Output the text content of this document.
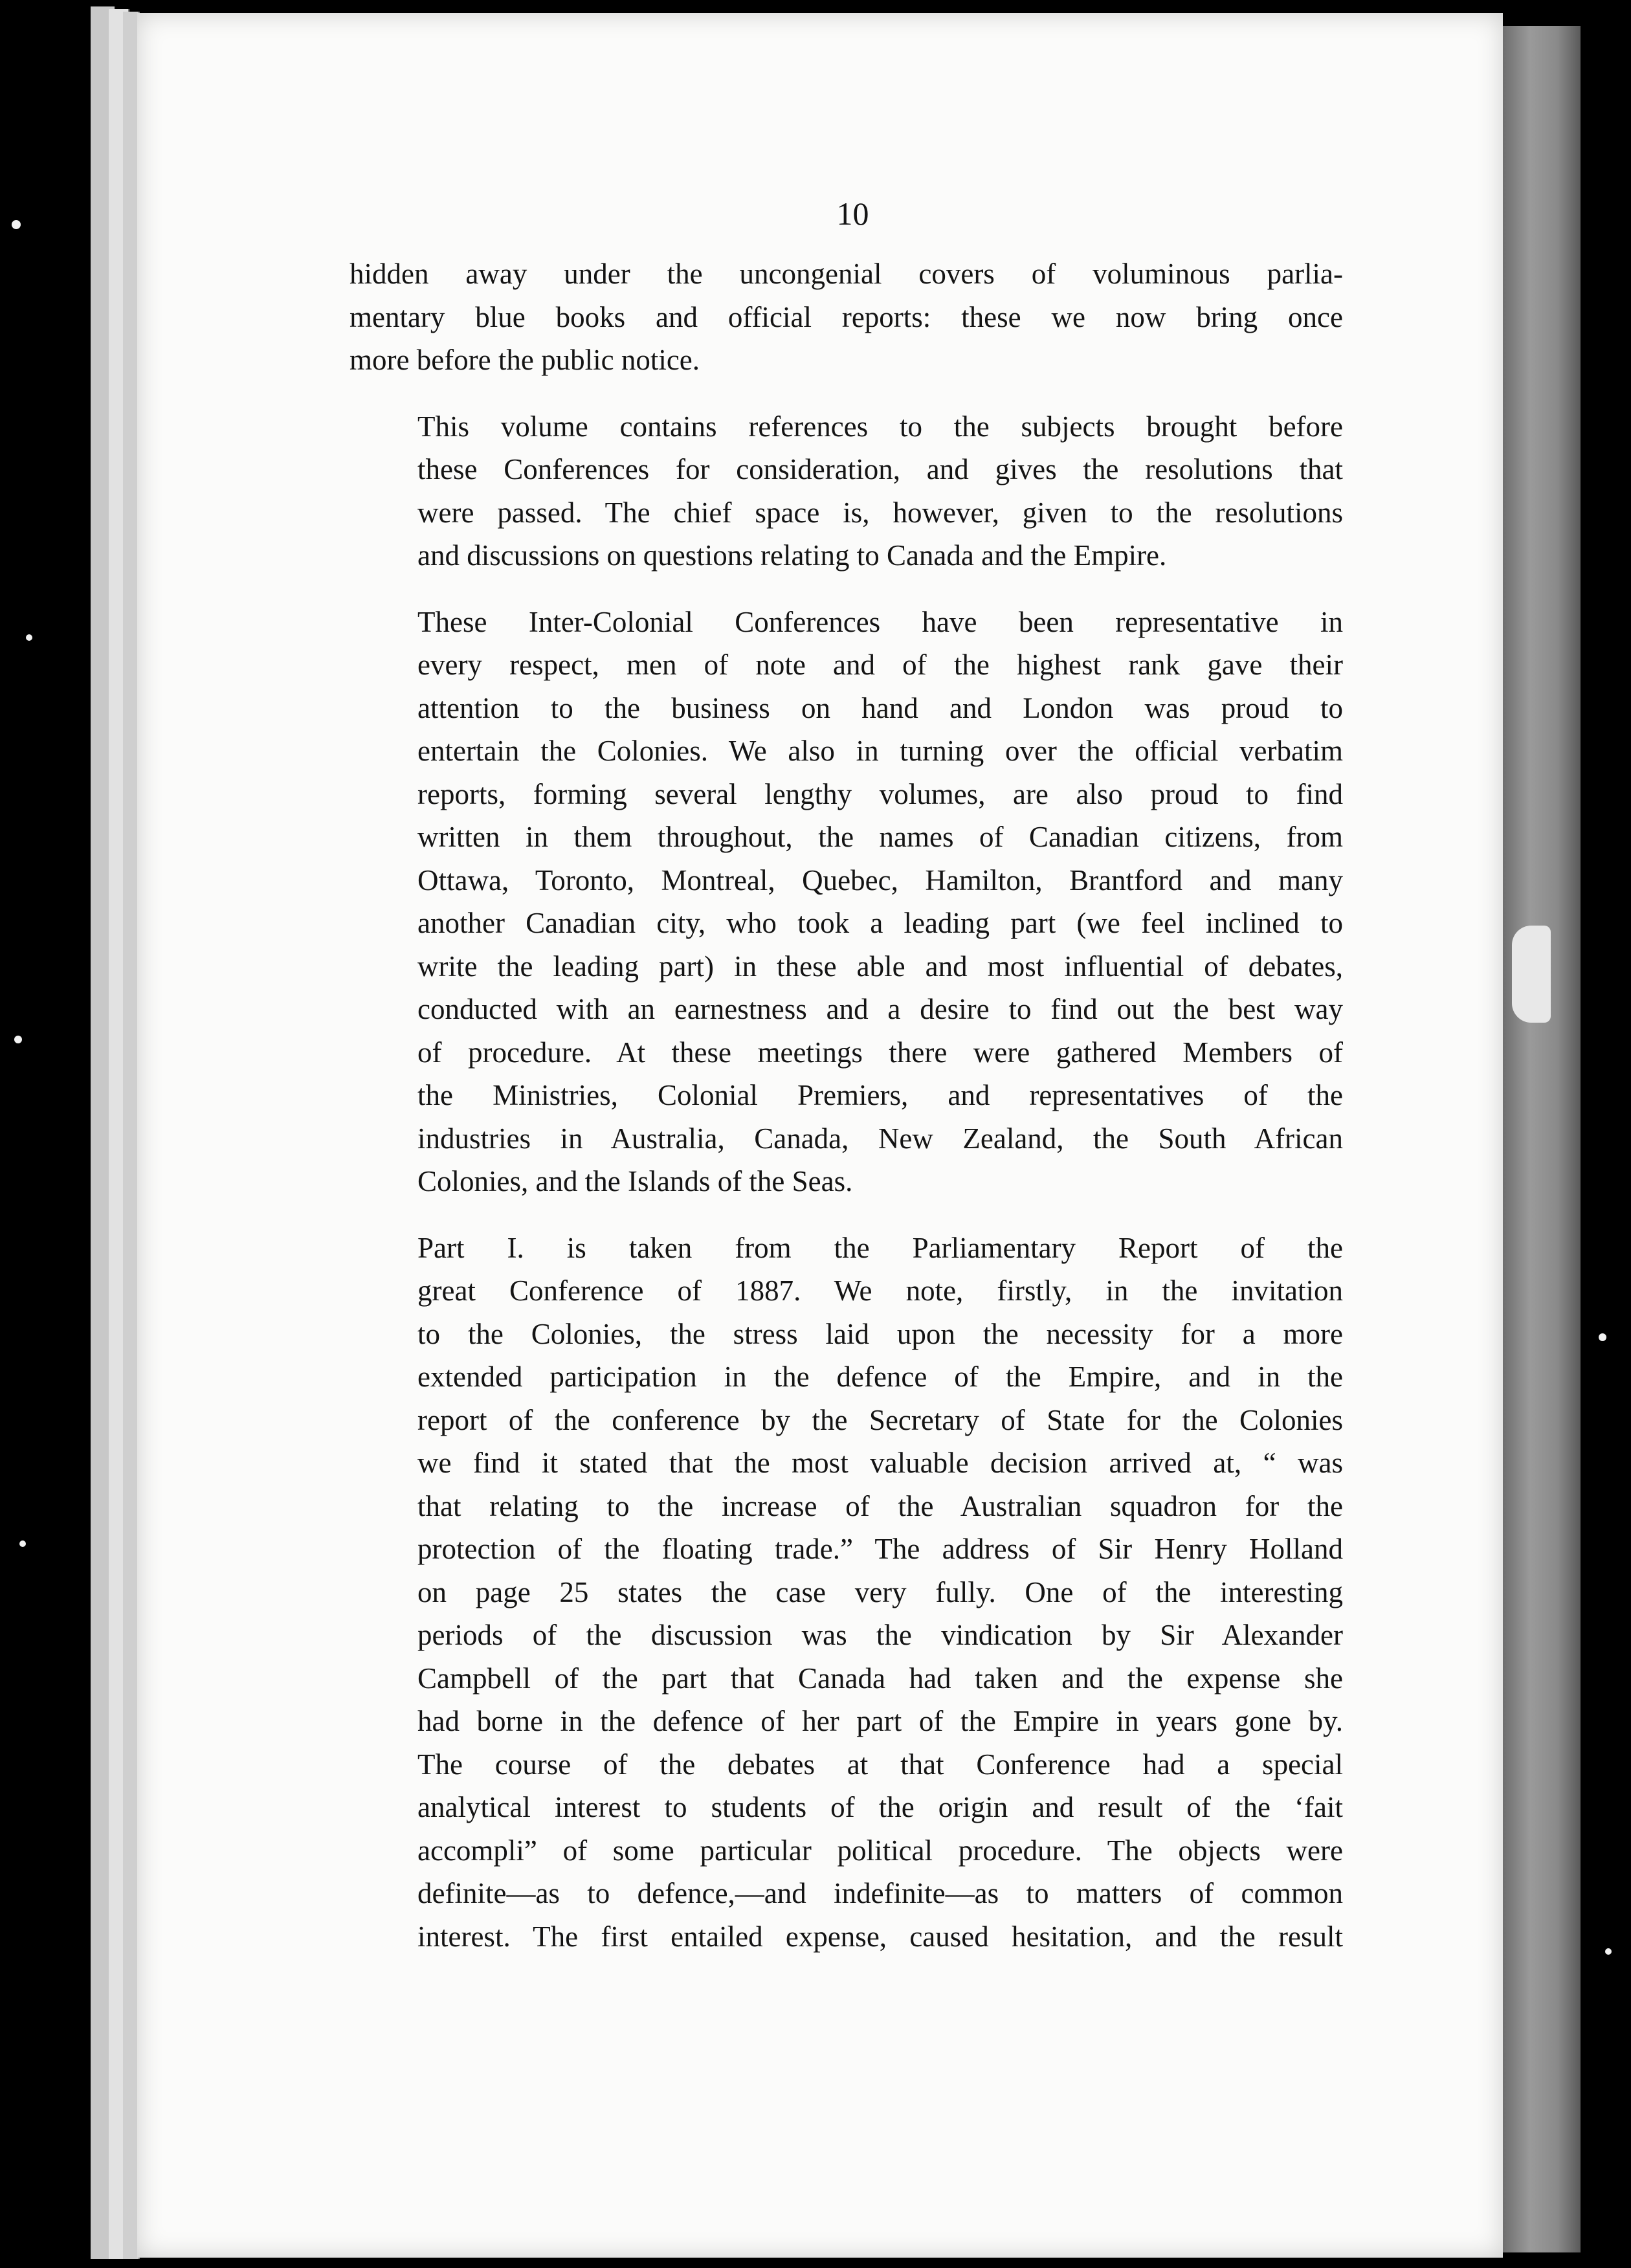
10

hidden away under the uncongenial covers of voluminous parlia-
mentary blue books and official reports: these we now bring once
more before the public notice.

This volume contains references to the subjects brought before
these Conferences for consideration, and gives the resolutions that
were passed. The chief space is, however, given to the resolutions
and discussions on questions relating to Canada and the Empire.

These Inter-Colonial Conferences have been representative in
every respect, men of note and of the highest rank gave their
attention to the business on hand and London was proud to
entertain the Colonies. We also in turning over the official verbatim
reports, forming several lengthy volumes, are also proud to find
written in them throughout, the names of Canadian citizens, from
Ottawa, Toronto, Montreal, Quebec, Hamilton, Brantford and many
another Canadian city, who took a leading part (we feel inclined to
write the leading part) in these able and most influential of debates,
conducted with an earnestness and a desire to find out the best way
of procedure. At these meetings there were gathered Members of
the Ministries, Colonial Premiers, and representatives of the
industries in Australia, Canada, New Zealand, the South African
Colonies, and the Islands of the Seas.

Part I. is taken from the Parliamentary Report of the
great Conference of 1887. We note, firstly, in the invitation
to the Colonies, the stress laid upon the necessity for a more
extended participation in the defence of the Empire, and in the
report of the conference by the Secretary of State for the Colonies
we find it stated that the most valuable decision arrived at, “ was
that relating to the increase of the Australian squadron for the
protection of the floating trade.” The address of Sir Henry Holland
on page 25 states the case very fully. One of the interesting
periods of the discussion was the vindication by Sir Alexander
Campbell of the part that Canada had taken and the expense she
had borne in the defence of her part of the Empire in years gone by.
The course of the debates at that Conference had a special
analytical interest to students of the origin and result of the ‘fait
accompli” of some particular political procedure. The objects were
definite—as to defence,—and indefinite—as to matters of common
interest. The first entailed expense, caused hesitation, and the result
